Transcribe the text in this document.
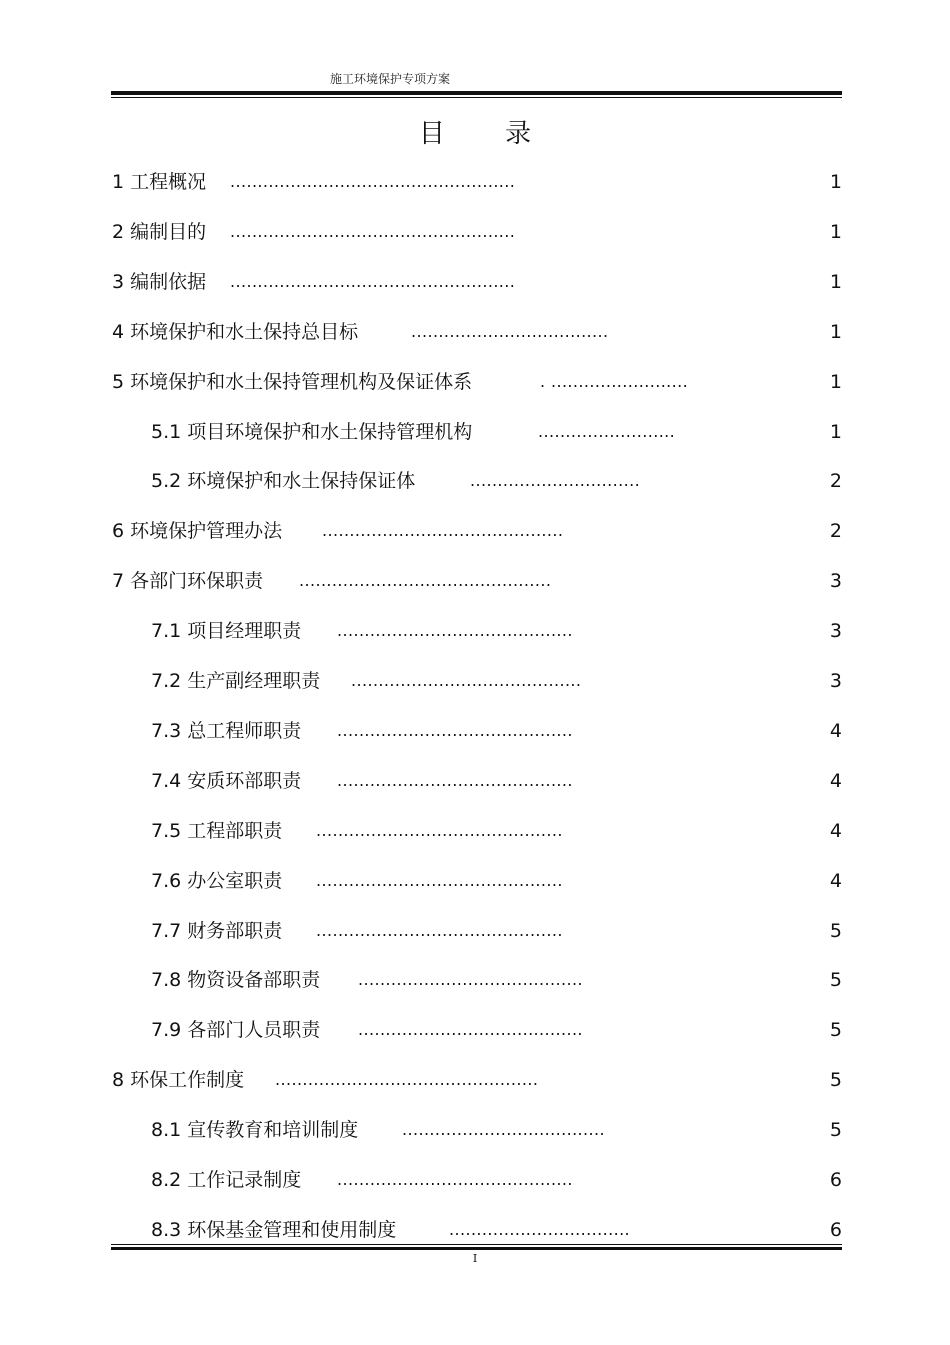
施工环境保护专项方案
目 录
1 工程概况 ....................................................	1
2 编制目的 ....................................................	1
3 编制依据 ....................................................	1
4 环境保护和水土保持总目标	....................................	1
5 环境保护和水土保持管理机构及保证体系	. .........................	1
5.1 项目环境保护和水土保持管理机构	.........................	1
5.2 环境保护和水土保持保证体	...............................	2
6 环境保护管理办法 ............................................	2
7 各部门环保职责 ..............................................	3
7.1 项目经理职责 ...........................................	3
7.2 生产副经理职责 ..........................................	3
7.3 总工程师职责 ...........................................	4
7.4 安质环部职责 ...........................................	4
7.5 工程部职责 .............................................	4
7.6 办公室职责 .............................................	4
7.7 财务部职责 .............................................	5
7.8 物资设备部职责 .........................................	5
7.9 各部门人员职责 .........................................	5
8 环保工作制度 ................................................	5
8.1 宣传教育和培训制度	.....................................	5
8.2 工作记录制度 ...........................................	6
8.3 环保基金管理和使用制度	.................................	6
I
